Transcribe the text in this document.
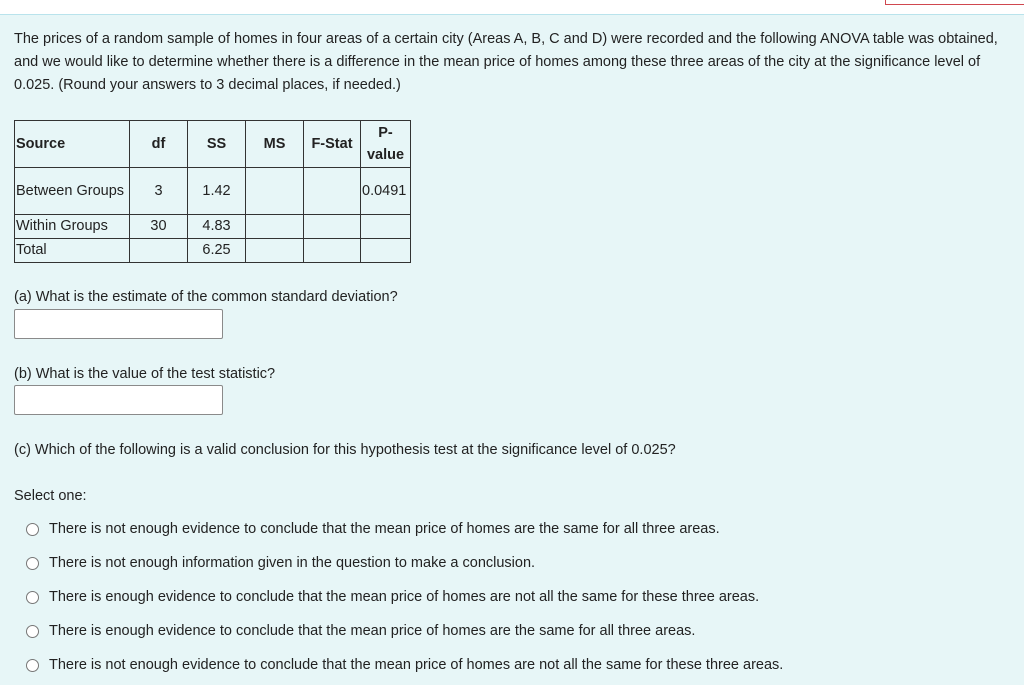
The prices of a random sample of homes in four areas of a certain city (Areas A, B, C and D) were recorded and the following ANOVA table was obtained, and we would like to determine whether there is a difference in the mean price of homes among these three areas of the city at the significance level of 0.025. (Round your answers to 3 decimal places, if needed.)
Source	df	SS	MS	F-Stat	P-value
Between Groups	3	1.42			0.0491
Within Groups	30	4.83			
Total		6.25			
(a) What is the estimate of the common standard deviation?
(b) What is the value of the test statistic?
(c) Which of the following is a valid conclusion for this hypothesis test at the significance level of 0.025?
Select one:
There is not enough evidence to conclude that the mean price of homes are the same for all three areas.
There is not enough information given in the question to make a conclusion.
There is enough evidence to conclude that the mean price of homes are not all the same for these three areas.
There is enough evidence to conclude that the mean price of homes are the same for all three areas.
There is not enough evidence to conclude that the mean price of homes are not all the same for these three areas.
